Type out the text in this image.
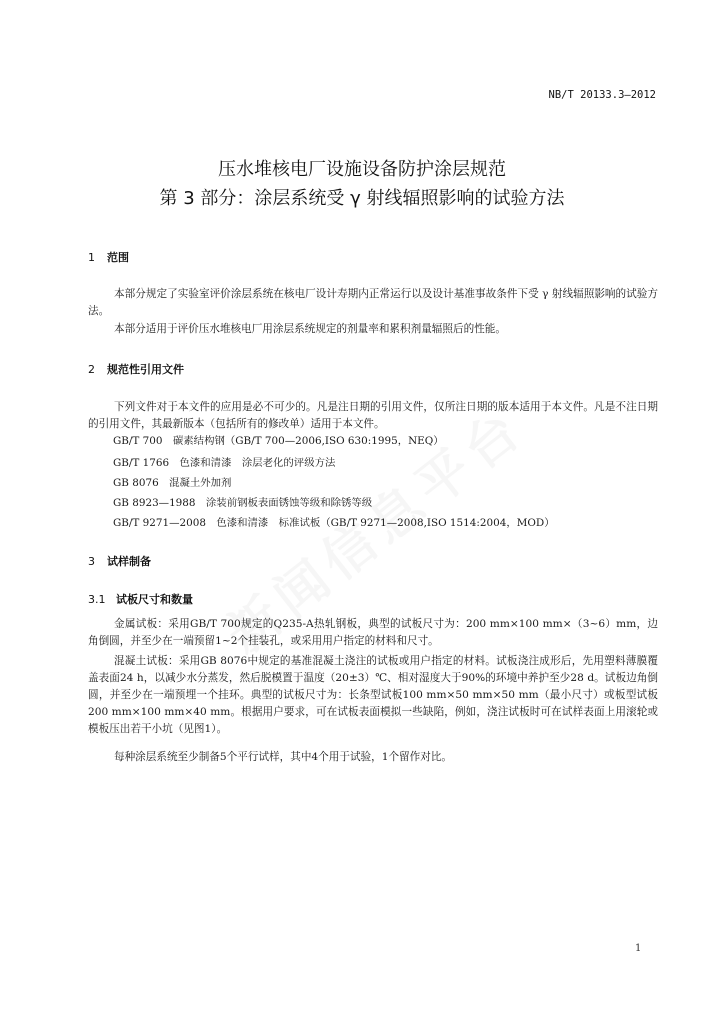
NB/T 20133.3—2012
压水堆核电厂设施设备防护涂层规范
第 3 部分：涂层系统受 γ 射线辐照影响的试验方法
1 范围
本部分规定了实验室评价涂层系统在核电厂设计寿期内正常运行以及设计基准事故条件下受 γ 射线辐照影响的试验方法。
本部分适用于评价压水堆核电厂用涂层系统规定的剂量率和累积剂量辐照后的性能。
2 规范性引用文件
下列文件对于本文件的应用是必不可少的。凡是注日期的引用文件，仅所注日期的版本适用于本文件。凡是不注日期的引用文件，其最新版本（包括所有的修改单）适用于本文件。
GB/T 700　碳素结构钢（GB/T 700—2006,ISO 630:1995，NEQ）
GB/T 1766　色漆和清漆　涂层老化的评级方法
GB 8076　混凝土外加剂
GB 8923—1988　涂装前钢板表面锈蚀等级和除锈等级
GB/T 9271—2008　色漆和清漆　标准试板（GB/T 9271—2008,ISO 1514:2004，MOD）
3 试样制备
3.1 试板尺寸和数量
金属试板：采用GB/T 700规定的Q235-A热轧钢板，典型的试板尺寸为：200 mm×100 mm×（3~6）mm，边角倒圆，并至少在一端预留1~2个挂装孔，或采用用户指定的材料和尺寸。
混凝土试板：采用GB 8076中规定的基准混凝土浇注的试板或用户指定的材料。试板浇注成形后，先用塑料薄膜覆盖表面24 h，以减少水分蒸发，然后脱模置于温度（20±3）℃、相对湿度大于90%的环境中养护至少28 d。试板边角倒圆，并至少在一端预埋一个挂环。典型的试板尺寸为：长条型试板100 mm×50 mm×50 mm（最小尺寸）或板型试板200 mm×100 mm×40 mm。根据用户要求，可在试板表面模拟一些缺陷，例如，浇注试板时可在试样表面上用滚轮或模板压出若干小坑（见图1）。
每种涂层系统至少制备5个平行试样，其中4个用于试验，1个留作对比。
1
